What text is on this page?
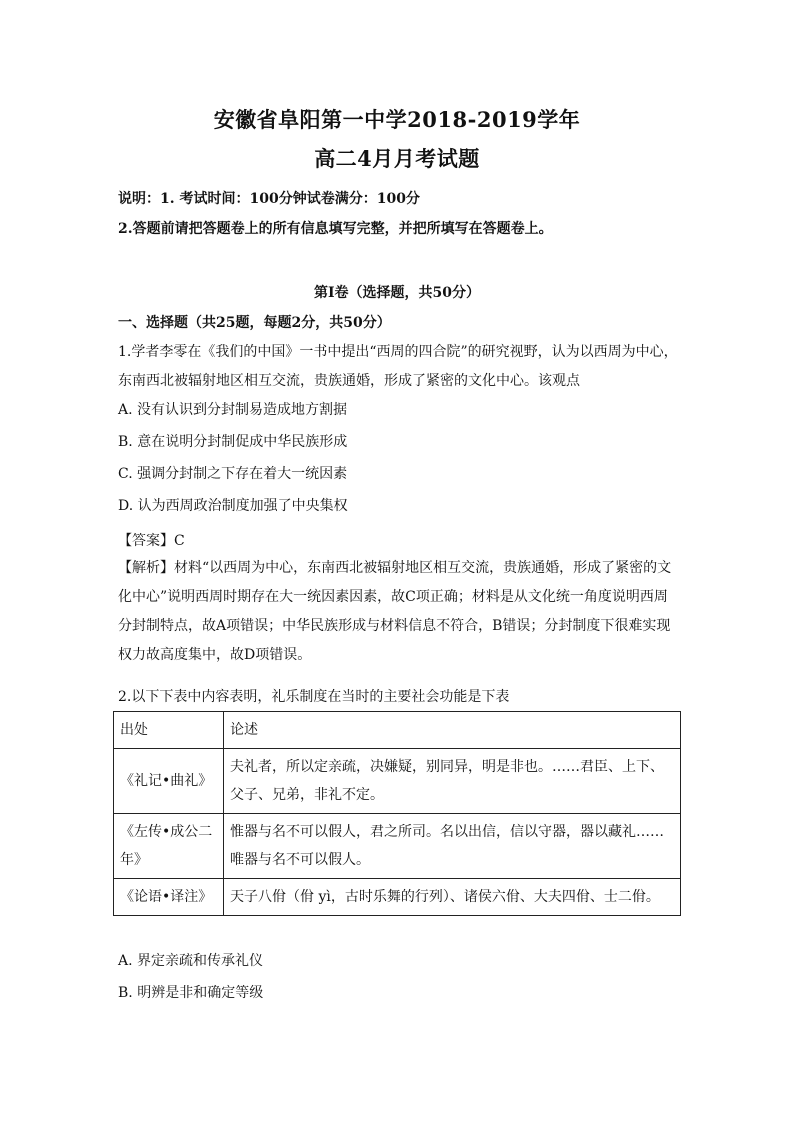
安徽省阜阳第一中学2018-2019学年
高二4月月考试题
说明：1. 考试时间：100分钟试卷满分：100分
2.答题前请把答题卷上的所有信息填写完整，并把所填写在答题卷上。
第Ⅰ卷（选择题，共50分）
一、选择题（共25题，每题2分，共50分）

1.学者李零在《我们的中国》一书中提出“西周的四合院”的研究视野，认为以西周为中心，

东南西北被辐射地区相互交流，贵族通婚，形成了紧密的文化中心。该观点

A. 没有认识到分封制易造成地方割据

B. 意在说明分封制促成中华民族形成

C. 强调分封制之下存在着大一统因素

D. 认为西周政治制度加强了中央集权

【答案】C

【解析】材料“以西周为中心，东南西北被辐射地区相互交流，贵族通婚，形成了紧密的文

化中心”说明西周时期存在大一统因素因素，故C项正确；材料是从文化统一角度说明西周

分封制特点，故A项错误；中华民族形成与材料信息不符合，B错误；分封制度下很难实现

权力故高度集中，故D项错误。

2.以下下表中内容表明，礼乐制度在当时的主要社会功能是下表
出处	论述
《礼记•曲礼》	夫礼者，所以定亲疏，决嫌疑，别同异，明是非也。……君臣、上下、父子、兄弟，非礼不定。
《左传•成公二年》	惟器与名不可以假人，君之所司。名以出信，信以守器，器以藏礼……唯器与名不可以假人。
《论语•译注》	天子八佾（佾 yì，古时乐舞的行列）、诸侯六佾、大夫四佾、士二佾。
A. 界定亲疏和传承礼仪
B. 明辨是非和确定等级
